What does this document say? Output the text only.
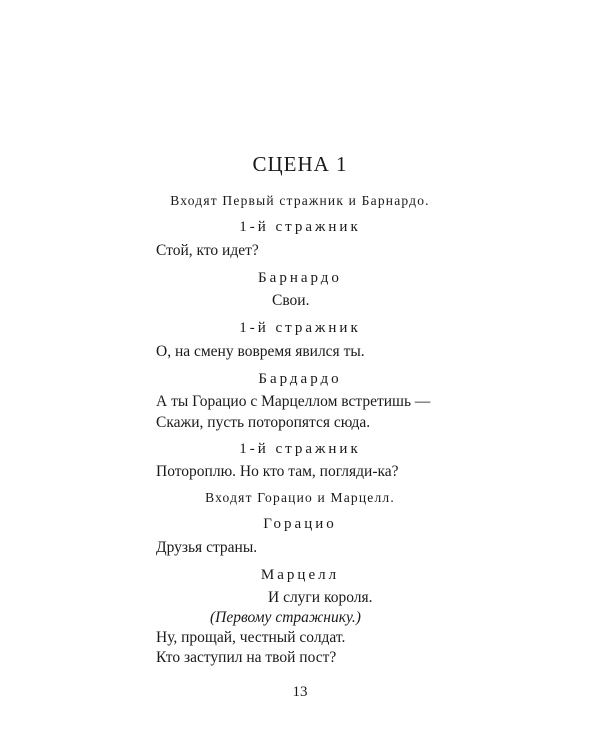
СЦЕНА 1
Входят Первый стражник и Барнардо.
1-й стражник
Стой, кто идет?
Барнардо
Свои.
1-й стражник
О, на смену вовремя явился ты.
Бардардо
А ты Горацио с Марцеллом встретишь —
Скажи, пусть поторопятся сюда.
1-й стражник
Потороплю. Но кто там, погляди-ка?
Входят Горацио и Марцелл.
Горацио
Друзья страны.
Марцелл
И слуги короля.
(Первому стражнику.)
Ну, прощай, честный солдат.
Кто заступил на твой пост?
13
